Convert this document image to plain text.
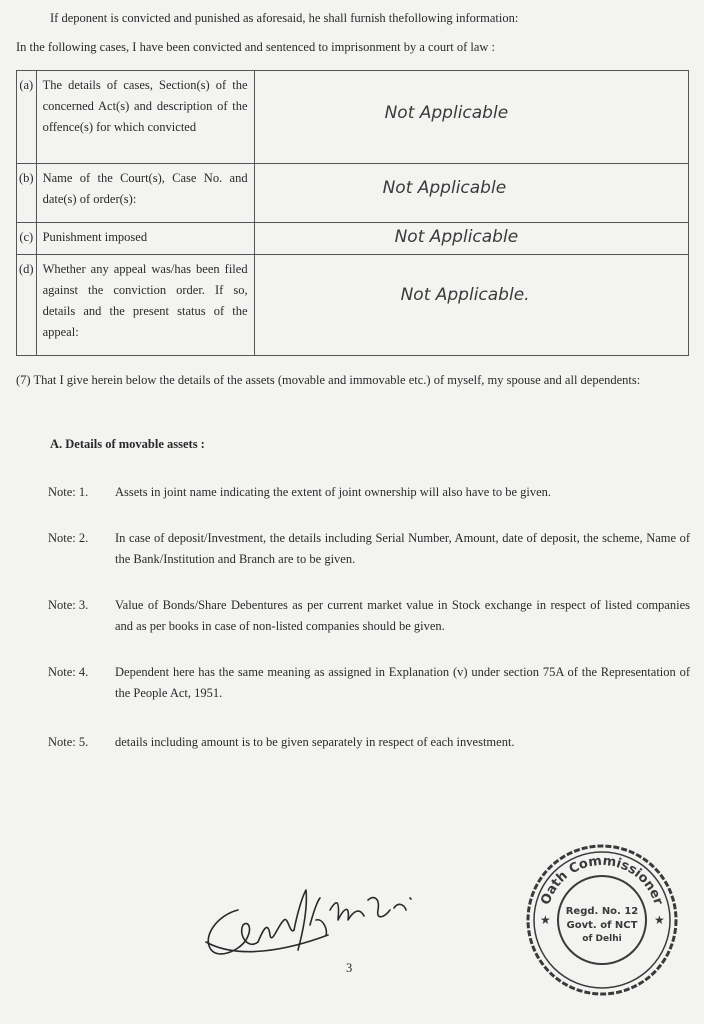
If deponent is convicted and punished as aforesaid, he shall furnish thefollowing information:
In the following cases, I have been convicted and sentenced to imprisonment by a court of law :
(a)	The details of cases, Section(s) of the concerned Act(s) and description of the offence(s) for which convicted	Not Applicable

(b)	Name of the Court(s), Case No. and date(s) of order(s):	Not Applicable

(c)	Punishment imposed	Not Applicable

(d)	Whether any appeal was/has been filed against the conviction order. If so, details and the present status of the appeal:	Not Applicable.
(7) That I give herein below the details of the assets (movable and immovable etc.) of myself, my spouse and all dependents:
A. Details of movable assets :
Note: 1. Assets in joint name indicating the extent of joint ownership will also have to be given.
Note: 2. In case of deposit/Investment, the details including Serial Number, Amount, date of deposit, the scheme, Name of the Bank/Institution and Branch are to be given.
Note: 3. Value of Bonds/Share Debentures as per current market value in Stock exchange in respect of listed companies and as per books in case of non-listed companies should be given.
Note: 4. Dependent here has the same meaning as assigned in Explanation (v) under section 75A of the Representation of the People Act, 1951.
Note: 5. details including amount is to be given separately in respect of each investment.
Oath Commissioner
Regd. No. 12
Govt. of NCT
of Delhi
★	★
3
